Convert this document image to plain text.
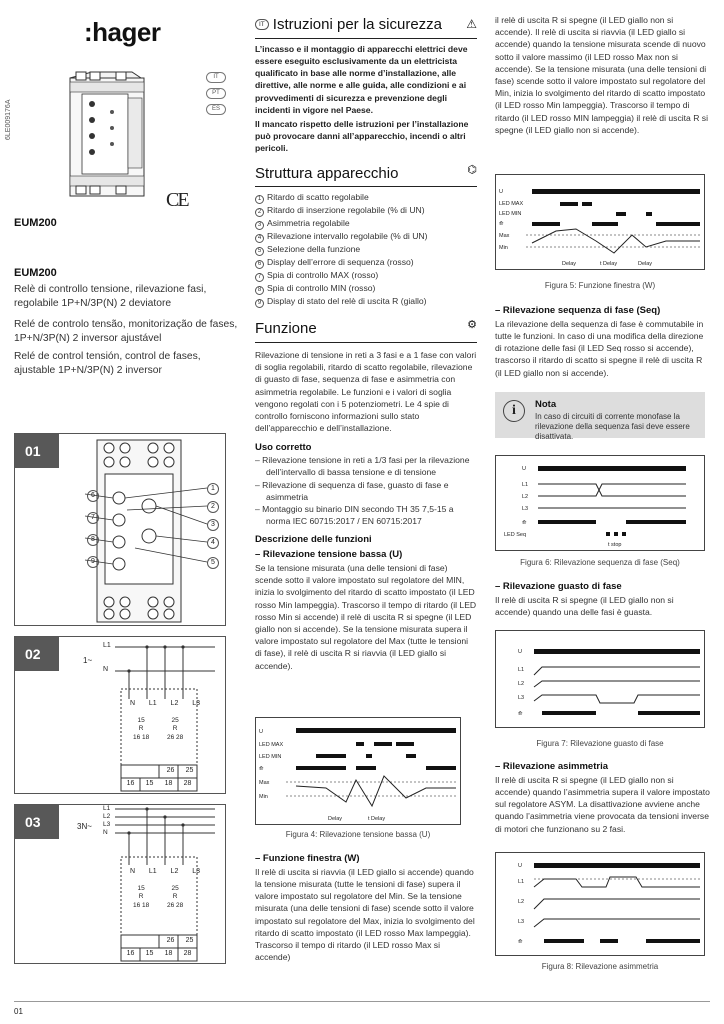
:hager
6LE009176A
IT
PT
ES
CE
EUM200
EUM200
Relè di controllo tensione, rilevazione fasi, regolabile 1P+N/3P(N) 2 deviatore
Relé de controlo tensão, monitorização de fases, 1P+N/3P(N) 2 inversor ajustável
Relé de control tensión, control de fases, ajustable 1P+N/3P(N) 2 inversor
01
6
7
8
9
1
2
3
4
5
02	1~
L1
N
N L1 L2 L3
15
R
16 18
25
R
26 28
26 25
16 15 18 28
03	3N~
L1
L2
L3
N
N L1 L2 L3
15
R
16 18
25
R
26 28
26 25
16 15 18 28
IT Istruzioni per la sicurezza ⚠
L’incasso e il montaggio di apparecchi elettrici deve essere eseguito esclusivamente da un elettricista qualificato in base alle norme d’installazione, alle direttive, alle norme e alle guida, alle condizioni e ai provvedimenti di sicurezza e prevenzione degli incidenti in vigore nel Paese.
Il mancato rispetto delle istruzioni per l’installazione può provocare danni all’apparecchio, incendi o altri pericoli.
Struttura apparecchio	⌬
1 Ritardo di scatto regolabile
2 Ritardo di inserzione regolabile (% di UN)
3 Asimmetria regolabile
4 Rilevazione intervallo regolabile (% di UN)
5 Selezione della funzione
6 Display dell’errore di sequenza (rosso)
7 Spia di controllo MAX (rosso)
8 Spia di controllo MIN (rosso)
9 Display di stato del relè di uscita R (giallo)
Funzione	⚙
Rilevazione di tensione in reti a 3 fasi e a 1 fase con valori di soglia regolabili, ritardo di scatto regolabile, rilevazione di guasto di fase, sequenza di fase e asimmetria con asimmetria regolabile. Le funzioni e i valori di soglia vengono regolati con i 5 potenziometri. Le 4 spie di controllo forniscono informazioni sullo stato dell’apparecchio e dell’installazione.
Uso corretto
– Rilevazione tensione in reti a 1/3 fasi per la rilevazione dell’intervallo di bassa tensione e di tensione
– Rilevazione di sequenza di fase, guasto di fase e asimmetria
– Montaggio su binario DIN secondo TH 35 7,5-15 a norma IEC 60715:2017 / EN 60715:2017
Descrizione delle funzioni
– Rilevazione tensione bassa (U)
Se la tensione misurata (una delle tensioni di fase) scende sotto il valore impostato sul regolatore del MIN, inizia lo svolgimento del ritardo di scatto impostato (il LED rosso Min lampeggia). Trascorso il tempo di ritardo (il LED rosso Min si accende) il relè di uscita R si spegne (il LED giallo non si accende). Se la tensione misurata supera il valore impostato sul regolatore del Max (tutte le tensioni di fase), il relè di uscita R si riavvia (il LED giallo si accende).
U
LED MAX
LED MIN
⟰
Max
Min
Delay	t Delay
Figura 4: Rilevazione tensione bassa (U)
– Funzione finestra (W)
Il relè di uscita si riavvia (il LED giallo si accende) quando la tensione misurata (tutte le tensioni di fase) supera il valore impostato sul regolatore del Min. Se la tensione misurata (una delle tensioni di fase) scende sotto il valore impostato sul regolatore del Max, inizia lo svolgimento del ritardo di scatto impostato (il LED rosso Max lampeggia). Trascorso il tempo di ritardo (il LED rosso Max si accende)
il relè di uscita R si spegne (il LED giallo non si accende). Il relè di uscita si riavvia (il LED giallo si accende) quando la tensione misurata scende di nuovo sotto il valore massimo (il LED rosso Max non si accende). Se la tensione misurata (una delle tensioni di fase) scende sotto il valore impostato sul regolatore del Min, inizia lo svolgimento del ritardo di scatto impostato (il LED rosso Min lampeggia). Trascorso il tempo di ritardo (il LED rosso MIN lampeggia) il relè di uscita R si spegne (il LED giallo non si accende).
U
LED MAX
LED MIN
⟰
Max
Min
Delay	t Delay	Delay
Figura 5: Funzione finestra (W)
– Rilevazione sequenza di fase (Seq)
La rilevazione della sequenza di fase è commutabile in tutte le funzioni. In caso di una modifica della direzione di rotazione delle fasi (il LED Seq rosso si accende), trascorso il ritardo di scatto si spegne il relè di uscita R (il LED giallo non si accende).
i	Nota
In caso di circuiti di corrente monofase la rilevazione della sequenza fasi deve essere disattivata.
U
L1
L2
L3
⟰
LED Seq
t stop
Figura 6: Rilevazione sequenza di fase (Seq)
– Rilevazione guasto di fase
Il relè di uscita R si spegne (il LED giallo non si accende) quando una delle fasi è guasta.
U
L1
L2
L3
⟰
Figura 7: Rilevazione guasto di fase
– Rilevazione asimmetria
Il relè di uscita R si spegne (il LED giallo non si accende) quando l’asimmetria supera il valore impostato sul regolatore ASYM. La disattivazione avviene anche quando l’asimmetria viene provocata da tensioni inverse di motori che funzionano su 2 fasi.
U
L1
L2
L3
⟰
Figura 8: Rilevazione asimmetria
01
